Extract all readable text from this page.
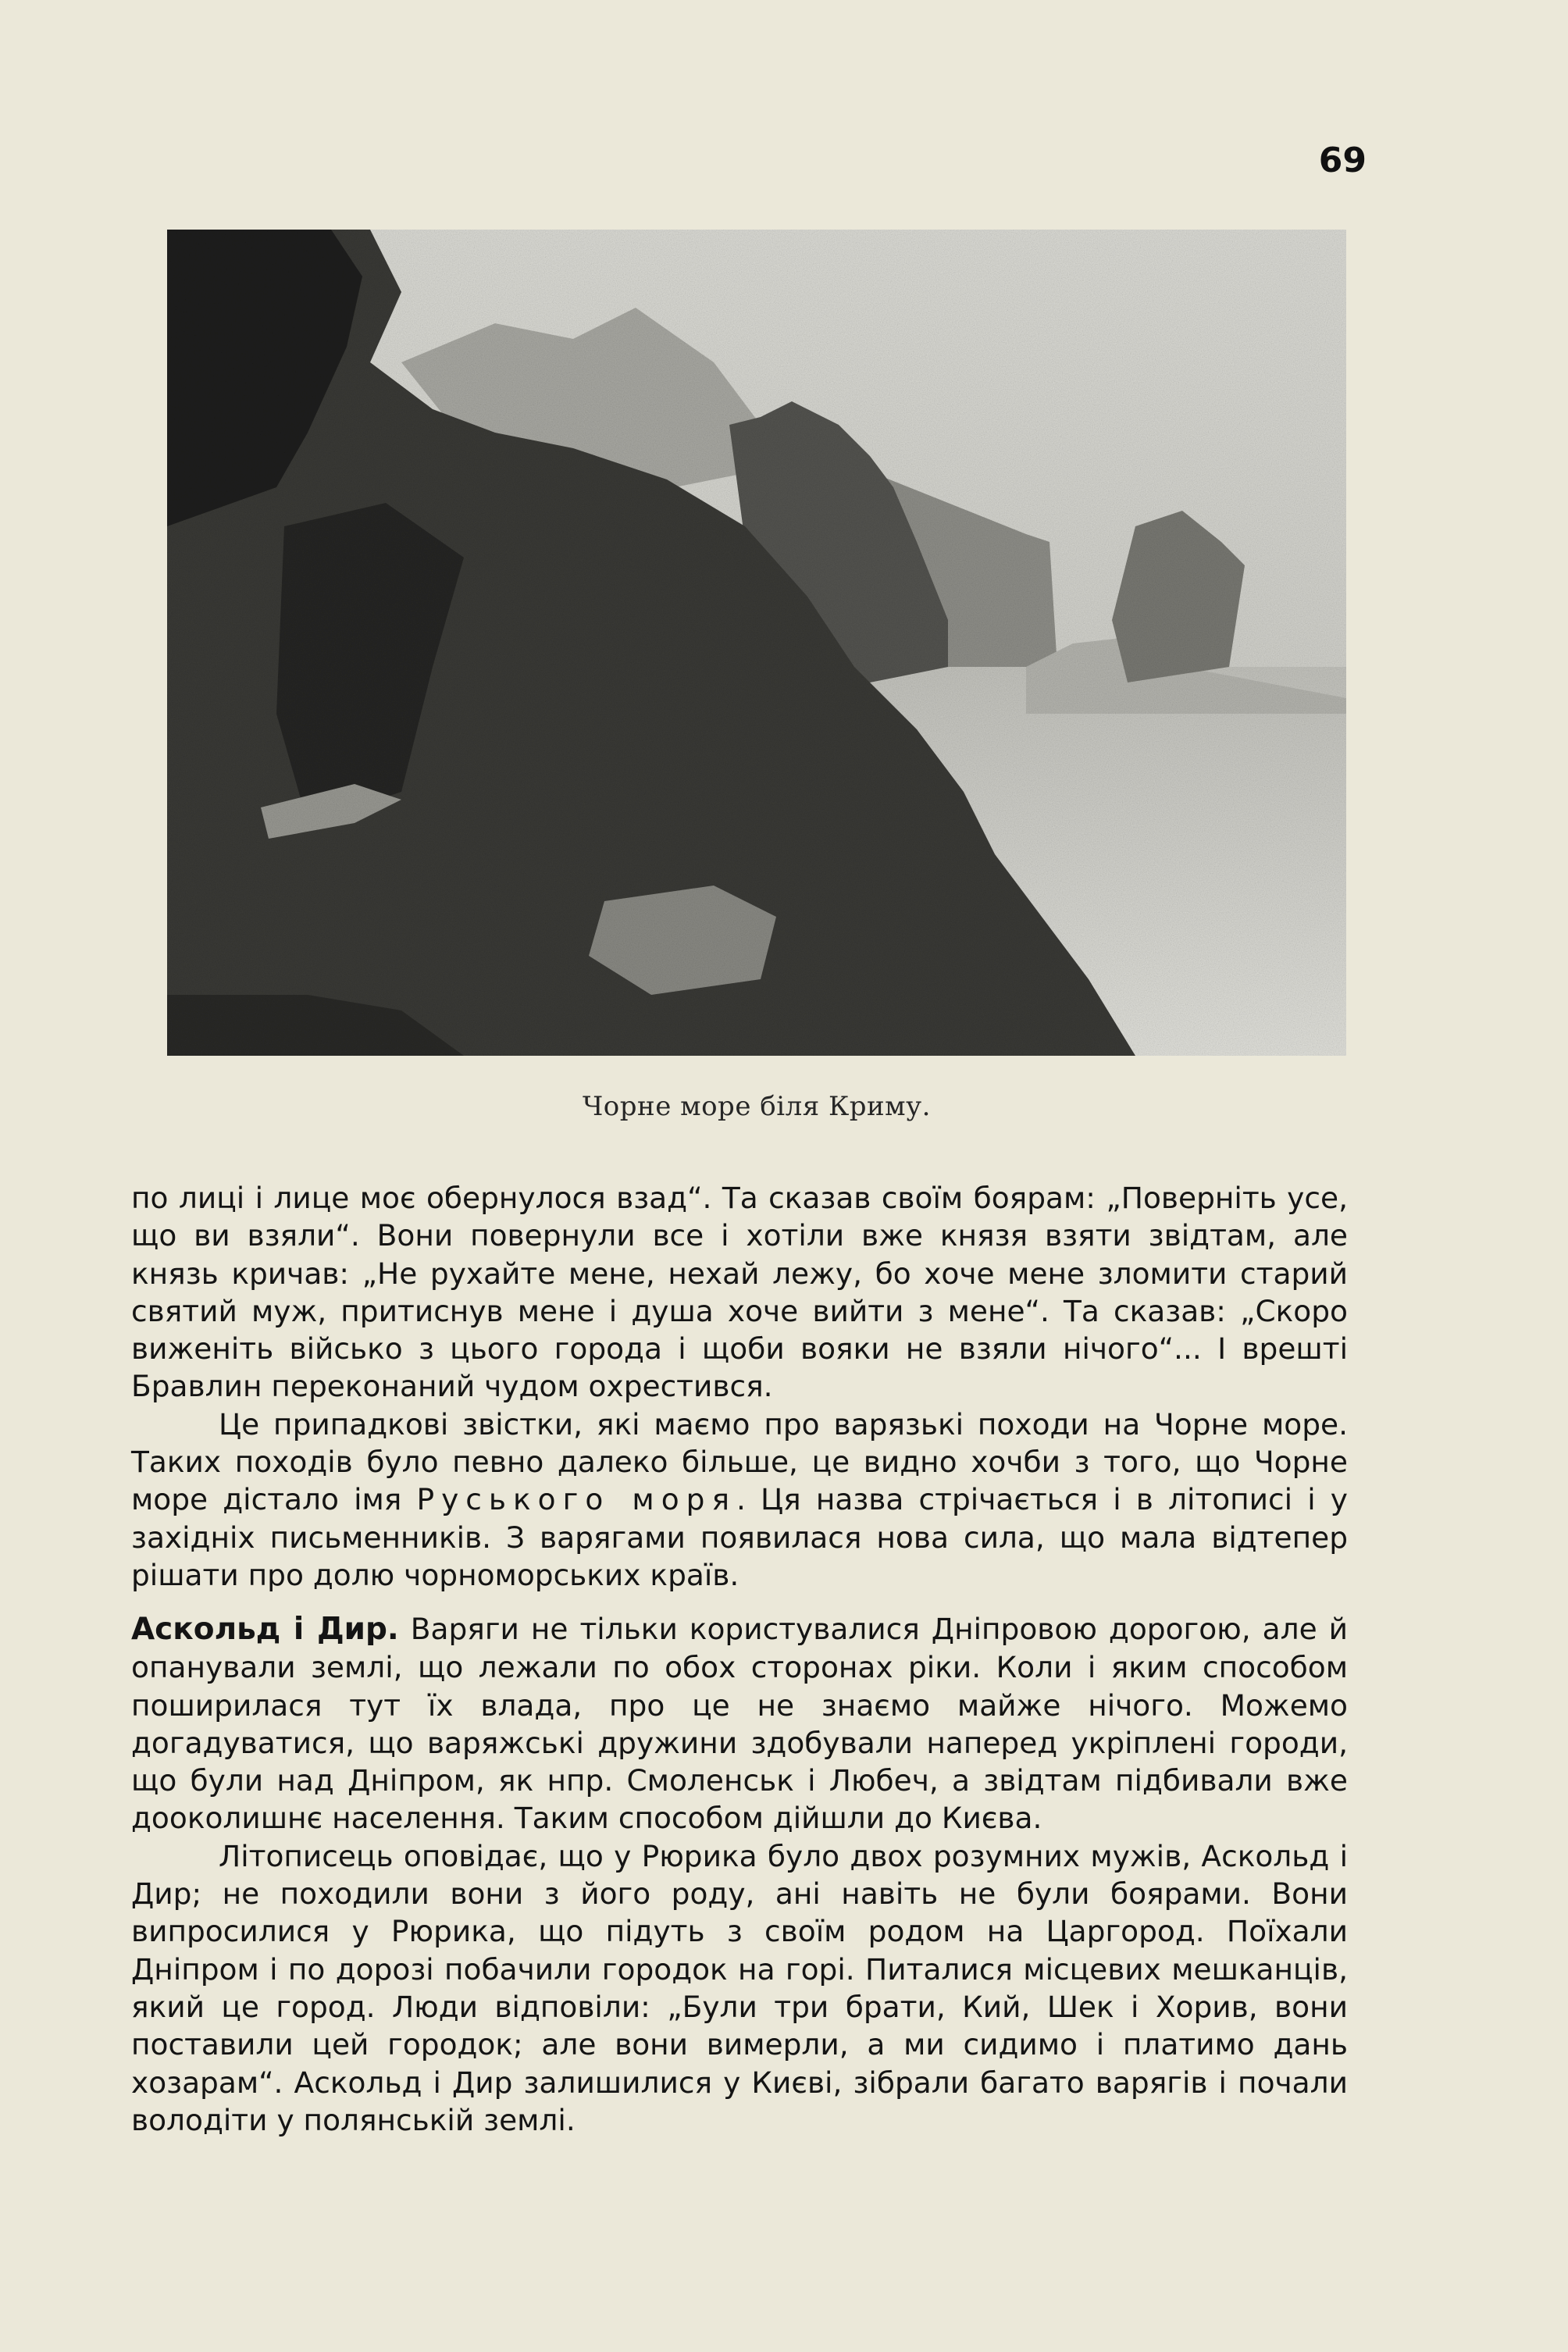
69
Чорне море біля Криму.

по лиці і лице моє обернулося взад“. Та сказав своїм боярам: „Поверніть усе, що ви взяли“. Вони повернули все і хотіли вже князя взяти звідтам, але князь кричав: „Не рухайте мене, нехай лежу, бо хоче мене зломити старий святий муж, притиснув мене і душа хоче вийти з мене“. Та сказав: „Скоро виженіть військо з цього города і щоби вояки не взяли нічого“... І врешті Бравлин переконаний чудом охрестився.

Це припадкові звістки, які маємо про варязькі походи на Чорне море. Таких походів було певно далеко більше, це видно хочби з того, що Чорне море дістало імя Руського моря. Ця назва стрічається і в літописі і у західніх письменників. З варягами появилася нова сила, що мала відтепер рішати про долю чорноморських країв.

Аскольд і Дир. Варяги не тільки користувалися Дніпровою дорогою, але й опанували землі, що лежали по обох сторонах ріки. Коли і яким способом поширилася тут їх влада, про це не знаємо майже нічого. Можемо догадуватися, що варяжські дружини здобували наперед укріплені городи, що були над Дніпром, як нпр. Смоленськ і Любеч, а звідтам підбивали вже дооколишнє населення. Таким способом дійшли до Києва.

Літописець оповідає, що у Рюрика було двох розумних мужів, Аскольд і Дир; не походили вони з його роду, ані навіть не були боярами. Вони випросилися у Рюрика, що підуть з своїм родом на Царгород. Поїхали Дніпром і по дорозі побачили городок на горі. Питалися місцевих мешканців, який це город. Люди відповіли: „Були три брати, Кий, Шек і Хорив, вони поставили цей городок; але вони вимерли, а ми сидимо і платимо дань хозарам“. Аскольд і Дир залишилися у Києві, зібрали багато варягів і почали володіти у полянській землі.
